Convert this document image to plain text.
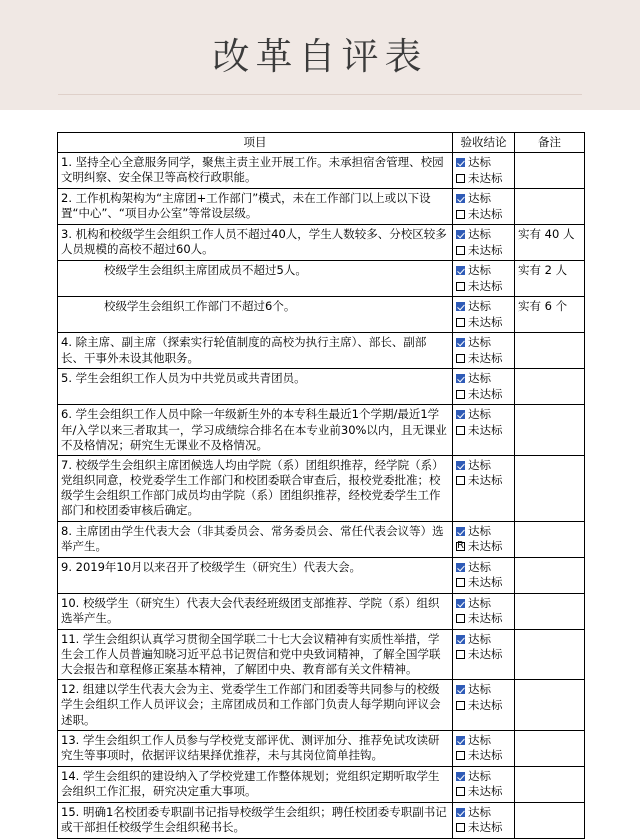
改革自评表
项目	验收结论	备注
1. 坚持全心全意服务同学，聚焦主责主业开展工作。未承担宿舍管理、校园文明纠察、安全保卫等高校行政职能。	达标
未达标	

2. 工作机构架构为“主席团+工作部门”模式，未在工作部门以上或以下设置“中心”、“项目办公室”等常设层级。	达标
未达标	

3. 机构和校级学生会组织工作人员不超过40人，学生人数较多、分校区较多人员规模的高校不超过60人。	达标
未达标	实有 40 人
校级学生会组织主席团成员不超过5人。	达标
未达标	实有 2 人
校级学生会组织工作部门不超过6个。	达标
未达标	实有 6 个
4. 除主席、副主席（探索实行轮值制度的高校为执行主席）、部长、副部长、干事外未设其他职务。	达标
未达标	

5. 学生会组织工作人员为中共党员或共青团员。	达标
未达标	

6. 学生会组织工作人员中除一年级新生外的本专科生最近1个学期/最近1学年/入学以来三者取其一，学习成绩综合排名在本专业前30%以内，且无课业不及格情况；研究生无课业不及格情况。	达标
未达标	

7. 校级学生会组织主席团候选人均由学院（系）团组织推荐，经学院（系）党组织同意，校党委学生工作部门和校团委联合审查后，报校党委批准；校级学生会组织工作部门成员均由学院（系）团组织推荐，经校党委学生工作部门和校团委审核后确定。	达标
未达标	

8. 主席团由学生代表大会（非其委员会、常务委员会、常任代表会议等）选举产生。	达标
R 未达标	

9. 2019年10月以来召开了校级学生（研究生）代表大会。	达标
未达标	

10. 校级学生（研究生）代表大会代表经班级团支部推荐、学院（系）组织选举产生。	达标
未达标	

11. 学生会组织认真学习贯彻全国学联二十七大会议精神有实质性举措，学生会工作人员普遍知晓习近平总书记贺信和党中央致词精神，了解全国学联大会报告和章程修正案基本精神，了解团中央、教育部有关文件精神。	达标
未达标	

12. 组建以学生代表大会为主、党委学生工作部门和团委等共同参与的校级学生会组织工作人员评议会；主席团成员和工作部门负责人每学期向评议会述职。	达标
未达标	

13. 学生会组织工作人员参与学校党支部评优、测评加分、推荐免试攻读研究生等事项时，依据评议结果择优推荐，未与其岗位简单挂钩。	达标
未达标	

14. 学生会组织的建设纳入了学校党建工作整体规划；党组织定期听取学生会组织工作汇报，研究决定重大事项。	达标
未达标	

15. 明确1名校团委专职副书记指导校级学生会组织；聘任校团委专职副书记或干部担任校级学生会组织秘书长。	达标
未达标	
